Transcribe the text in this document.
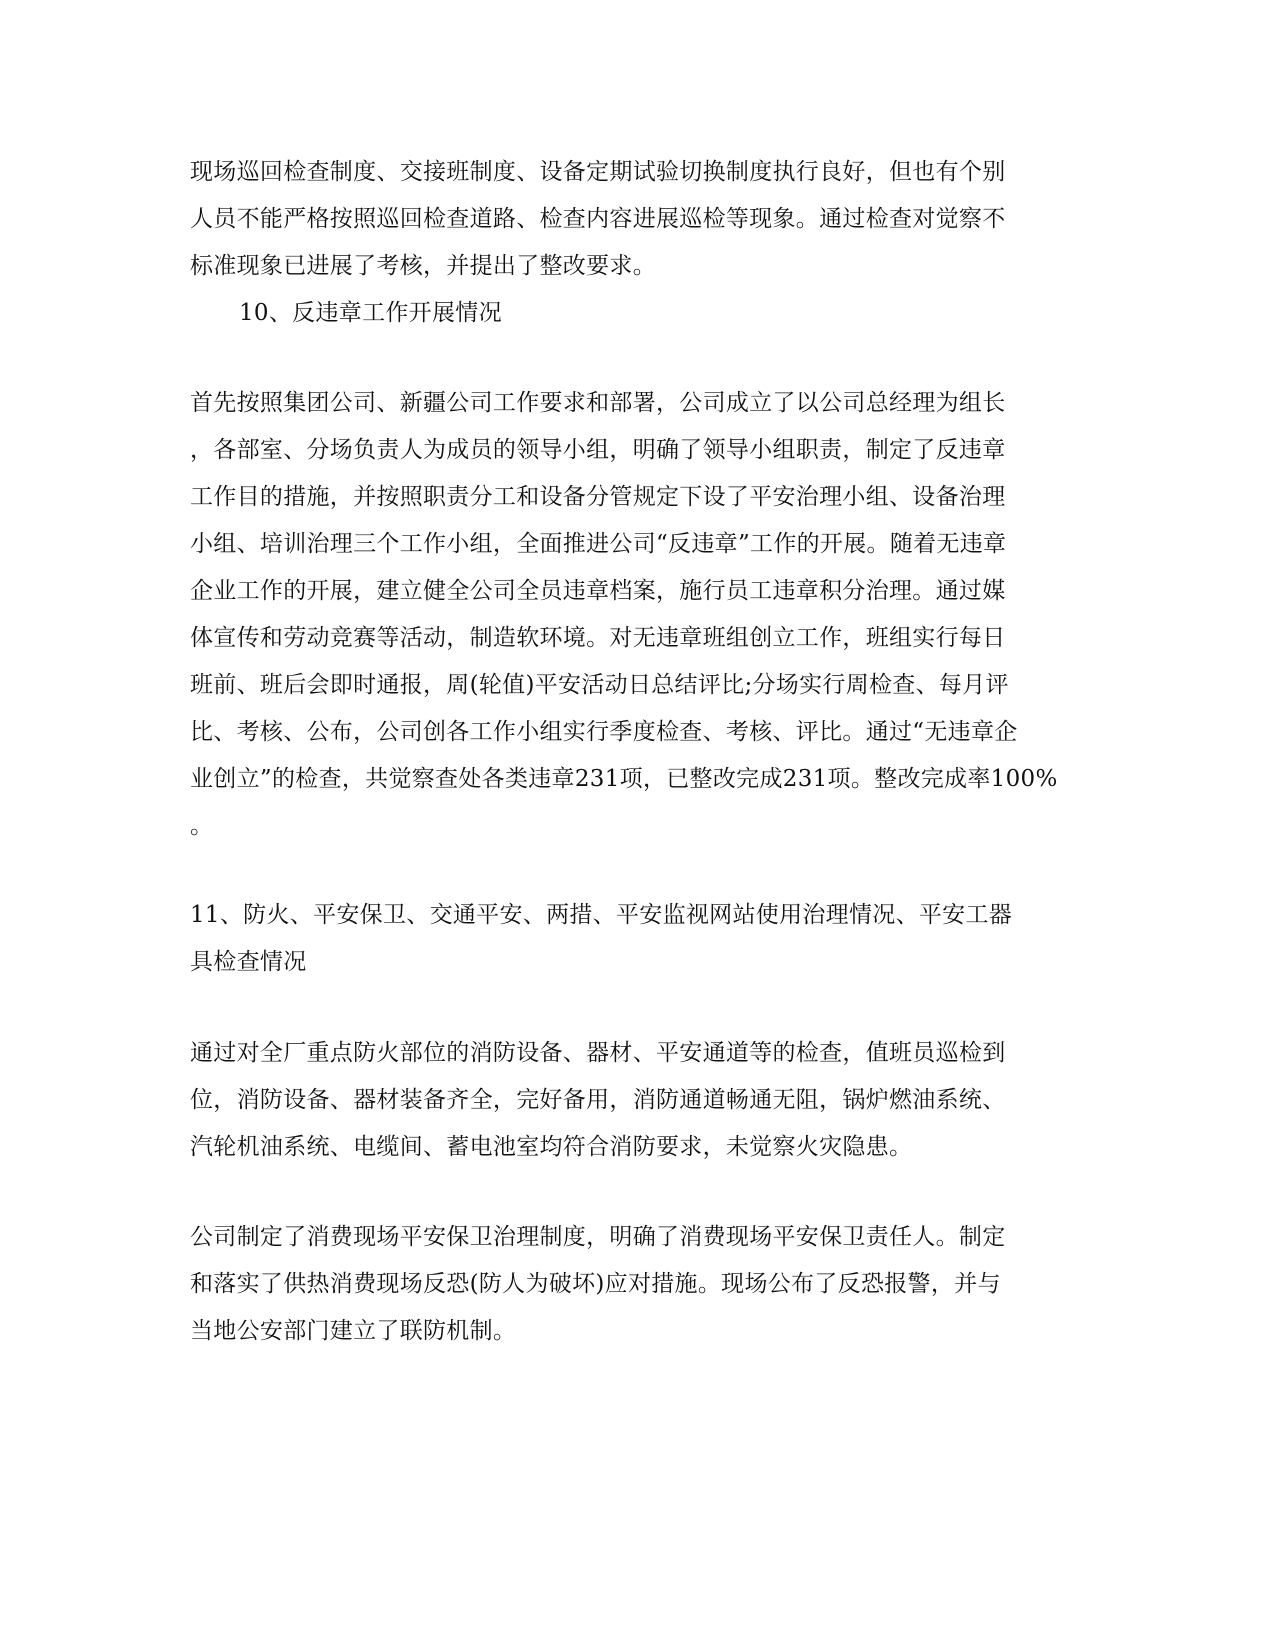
现场巡回检查制度、交接班制度、设备定期试验切换制度执行良好，但也有个别
人员不能严格按照巡回检查道路、检查内容进展巡检等现象。通过检查对觉察不
标准现象已进展了考核，并提出了整改要求。
10、反违章工作开展情况
首先按照集团公司、新疆公司工作要求和部署，公司成立了以公司总经理为组长
，各部室、分场负责人为成员的领导小组，明确了领导小组职责，制定了反违章
工作目的措施，并按照职责分工和设备分管规定下设了平安治理小组、设备治理
小组、培训治理三个工作小组，全面推进公司“反违章”工作的开展。随着无违章
企业工作的开展，建立健全公司全员违章档案，施行员工违章积分治理。通过媒
体宣传和劳动竞赛等活动，制造软环境。对无违章班组创立工作，班组实行每日
班前、班后会即时通报，周(轮值)平安活动日总结评比;分场实行周检查、每月评
比、考核、公布，公司创各工作小组实行季度检查、考核、评比。通过“无违章企
业创立”的检查，共觉察查处各类违章231项，已整改完成231项。整改完成率100%
。
11、防火、平安保卫、交通平安、两措、平安监视网站使用治理情况、平安工器
具检查情况
通过对全厂重点防火部位的消防设备、器材、平安通道等的检查，值班员巡检到
位，消防设备、器材装备齐全，完好备用，消防通道畅通无阻，锅炉燃油系统、
汽轮机油系统、电缆间、蓄电池室均符合消防要求，未觉察火灾隐患。
公司制定了消费现场平安保卫治理制度，明确了消费现场平安保卫责任人。制定
和落实了供热消费现场反恐(防人为破坏)应对措施。现场公布了反恐报警，并与
当地公安部门建立了联防机制。
